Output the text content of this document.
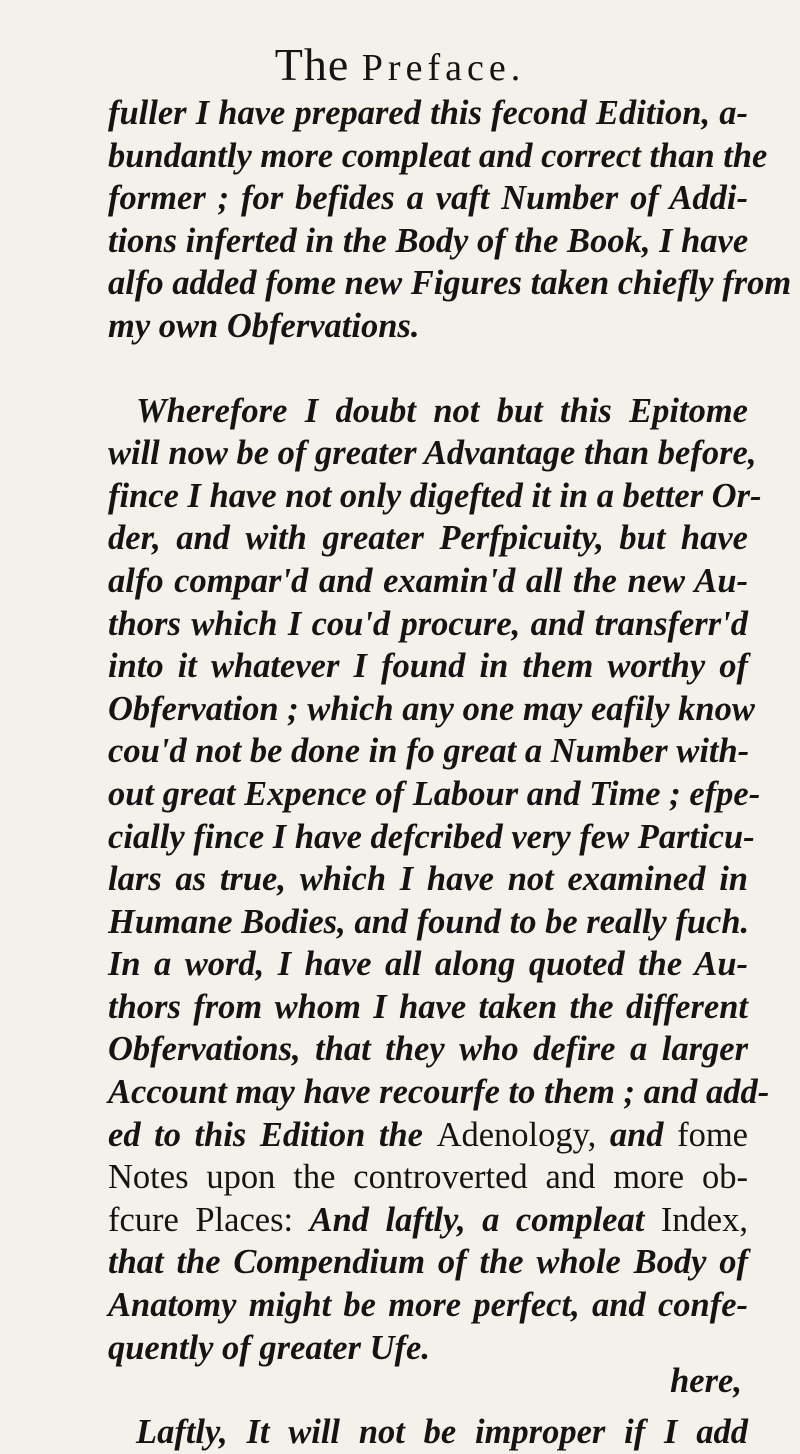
The Preface.
fuller I have prepared this fecond Edition, a-
bundantly more compleat and correct than the
former ; for befides a vaft Number of Addi-
tions inferted in the Body of the Book, I have
alfo added fome new Figures taken chiefly from
my own Obfervations.
Wherefore I doubt not but this Epitome
will now be of greater Advantage than before,
fince I have not only digefted it in a better Or-
der, and with greater Perfpicuity, but have
alfo compar'd and examin'd all the new Au-
thors which I cou'd procure, and transferr'd
into it whatever I found in them worthy of
Obfervation ; which any one may eafily know
cou'd not be done in fo great a Number with-
out great Expence of Labour and Time ; efpe-
cially fince I have defcribed very few Particu-
lars as true, which I have not examined in
Humane Bodies, and found to be really fuch.
In a word, I have all along quoted the Au-
thors from whom I have taken the different
Obfervations, that they who defire a larger
Account may have recourfe to them ; and add-
ed to this Edition the Adenology, and fome
Notes upon the controverted and more ob-
fcure Places: And laftly, a compleat Index,
that the Compendium of the whole Body of
Anatomy might be more perfect, and confe-
quently of greater Ufe.
Laftly, It will not be improper if I add
here,
